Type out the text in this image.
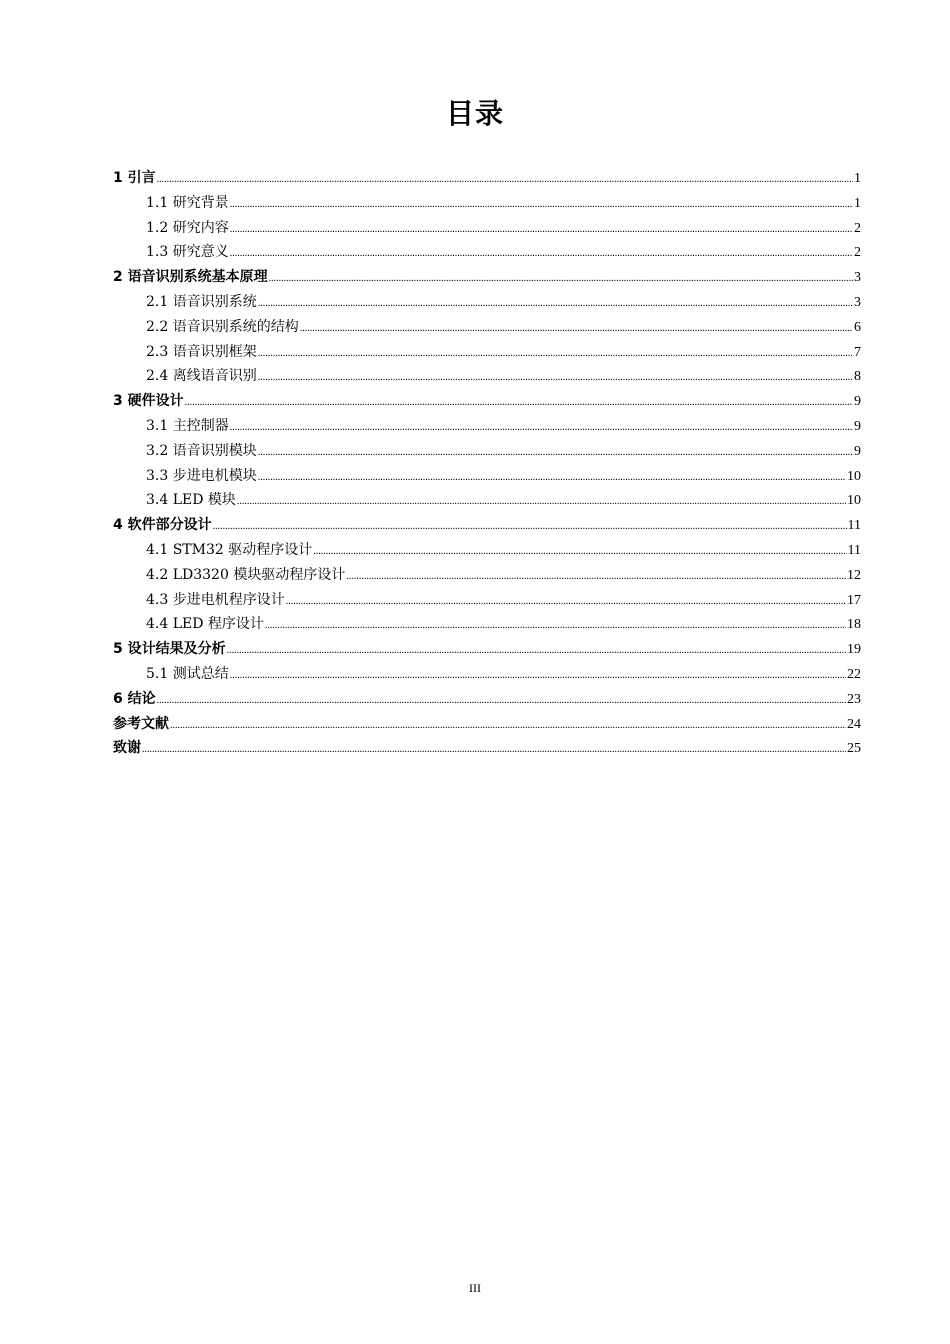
目录
1 引言 .....	1
1.1 研究背景 .....	1
1.2 研究内容 .....	2
1.3 研究意义 .....	2
2 语音识别系统基本原理 .....	3
2.1 语音识别系统 .....	3
2.2 语音识别系统的结构 .....	6
2.3 语音识别框架 .....	7
2.4 离线语音识别 .....	8
3 硬件设计 .....	9
3.1 主控制器 .....	9
3.2 语音识别模块 .....	9
3.3 步进电机模块 .....	10
3.4 LED 模块 .....	10
4 软件部分设计 .....	11
4.1 STM32 驱动程序设计 .....	11
4.2 LD3320 模块驱动程序设计 .....	12
4.3 步进电机程序设计 .....	17
4.4 LED 程序设计 .....	18
5 设计结果及分析 .....	19
5.1 测试总结 .....	22
6 结论 .....	23
参考文献 .....	24
致谢 .....	25
III
